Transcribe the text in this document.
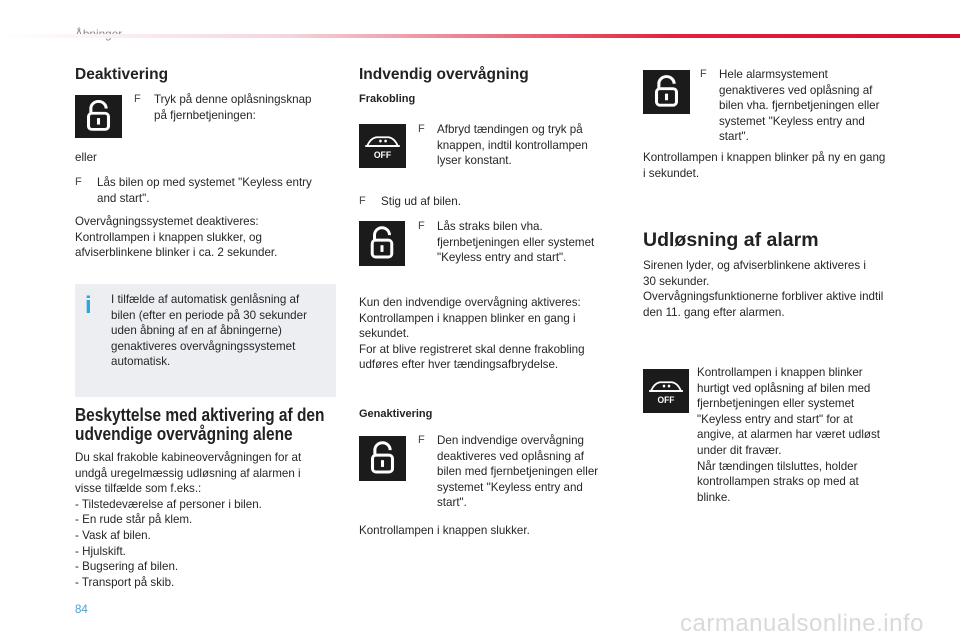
Deaktivering
F Tryk på denne oplåsningsknap
på fjernbetjeningen:
eller
F Lås bilen op med systemet "Keyless entry
and start".
Overvågningssystemet deaktiveres:
Kontrollampen i knappen slukker, og
afviserblinkene blinker i ca. 2 sekunder.
i I tilfælde af automatisk genlåsning af
bilen (efter en periode på 30 sekunder
uden åbning af en af åbningerne)
genaktiveres overvågningssystemet
automatisk.
Beskyttelse med aktivering af den
udvendige overvågning alene
Du skal frakoble kabineovervågningen for at
undgå uregelmæssig udløsning af alarmen i
visse tilfælde som f.eks.:
- Tilstedeværelse af personer i bilen.
- En rude står på klem.
- Vask af bilen.
- Hjulskift.
- Bugsering af bilen.
- Transport på skib.
Indvendig overvågning
Frakobling
OFF
F Afbryd tændingen og tryk på
knappen, indtil kontrollampen
lyser konstant.
F Stig ud af bilen.
F Lås straks bilen vha.
fjernbetjeningen eller systemet
"Keyless entry and start".
Kun den indvendige overvågning aktiveres:
Kontrollampen i knappen blinker en gang i
sekundet.
For at blive registreret skal denne frakobling
udføres efter hver tændingsafbrydelse.
Genaktivering
F Den indvendige overvågning
deaktiveres ved oplåsning af
bilen med fjernbetjeningen eller
systemet "Keyless entry and
start".
Kontrollampen i knappen slukker.
F Hele alarmsystement
genaktiveres ved oplåsning af
bilen vha. fjernbetjeningen eller
systemet "Keyless entry and
start".
Kontrollampen i knappen blinker på ny en gang
i sekundet.
Udløsning af alarm
Sirenen lyder, og afviserblinkene aktiveres i
30 sekunder.
Overvågningsfunktionerne forbliver aktive indtil
den 11. gang efter alarmen.
OFF
Kontrollampen i knappen blinker
hurtigt ved oplåsning af bilen med
fjernbetjeningen eller systemet
"Keyless entry and start" for at
angive, at alarmen har været udløst
under dit fravær.
Når tændingen tilsluttes, holder
kontrollampen straks op med at
blinke.
84	carmanualsonline.info
